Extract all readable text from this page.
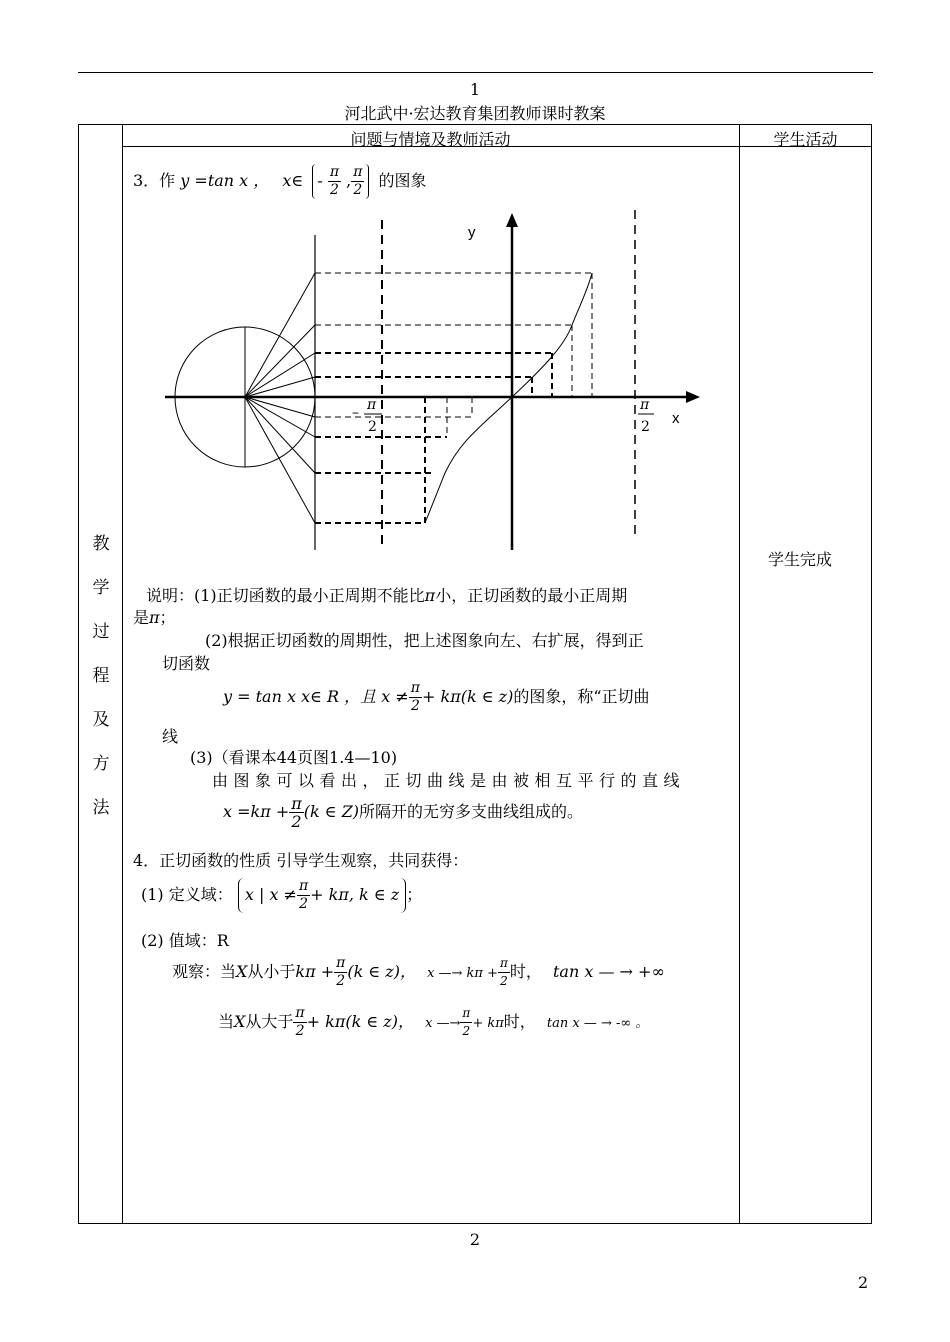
1
河北武中·宏达教育集团教师课时教案
问题与情境及教师活动	学生活动
教
学
过
程
及
方
法
学生完成
3．作 y =tan x ， x∈ - $\frac{\pi}{2}$ , $\frac{\pi}{2}$ 的图象
y
x
– π
2
π
2
说明：(1)正切函数的最小正周期不能比π小，正切函数的最小正周期
是π；
(2)根据正切函数的周期性，把上述图象向左、右扩展，得到正
切函数
y = tan x x∈ R ，且 $x \ne \frac{\pi}{2} + k\pi(k$ ∈ z)的图象，称“正切曲
线
(3)（看课本44页图1.4—10)
由图象可以看出，正切曲线是由被相互平行的直线
$x =k\pi + \frac{\pi}{2} (k$ ∈ Z)所隔开的无穷多支曲线组成的。
4．正切函数的性质 引导学生观察，共同获得：
(1) 定义域： x | $x \ne \frac{\pi}{2} + k\pi$, k ∈ z ；
(2) 值域：R
观察：当X从小于$k\pi + \frac{\pi}{2} (k$ ∈ z)， x —→ $k\pi + \frac{\pi}{2}$ 时， tan x — → +∞
当X从大于 $\frac{\pi}{2} + k\pi(k$ ∈ z)， x —→ $\frac{\pi}{2} + k\pi$时， tan x — → -∞ 。
2
2
